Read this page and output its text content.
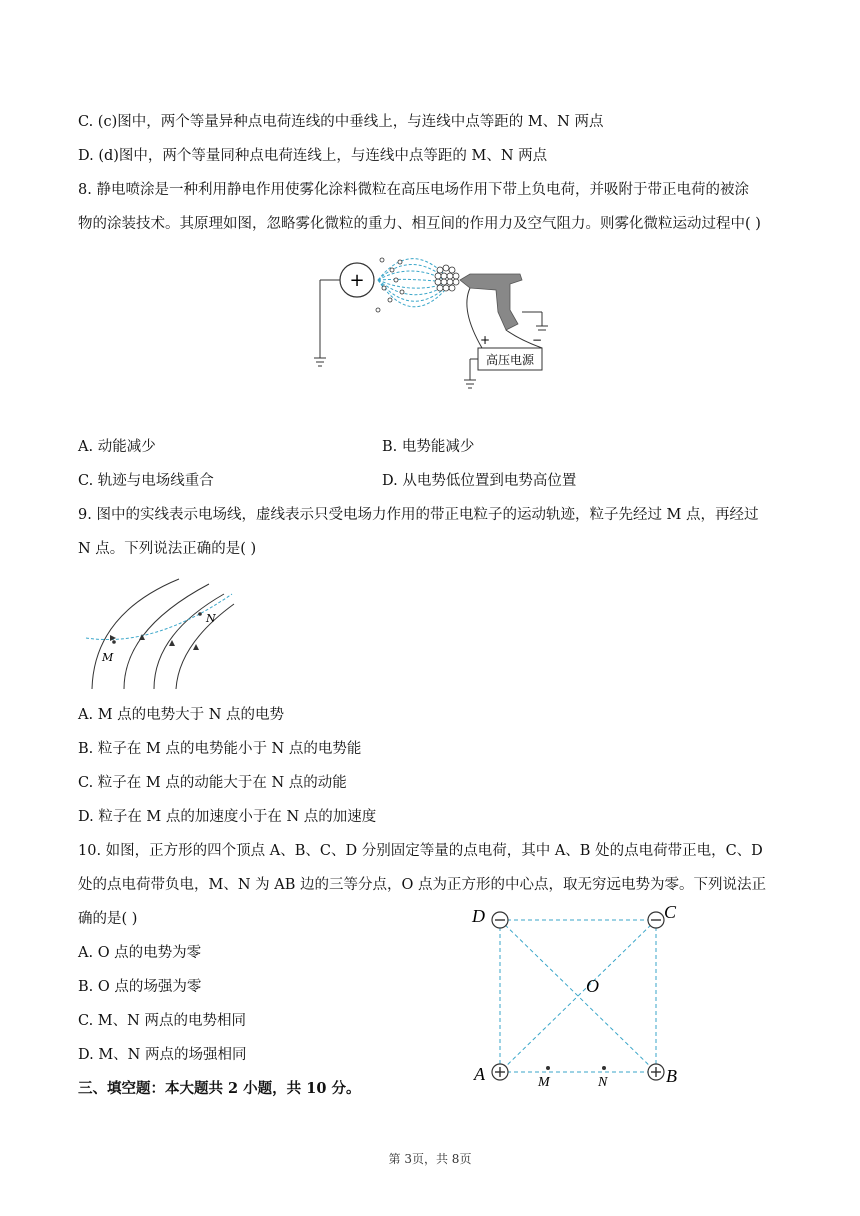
C. (c)图中，两个等量异种点电荷连线的中垂线上，与连线中点等距的 M、N 两点
D. (d)图中，两个等量同种点电荷连线上，与连线中点等距的 M、N 两点
8. 静电喷涂是一种利用静电作用使雾化涂料微粒在高压电场作用下带上负电荷，并吸附于带正电荷的被涂
物的涂装技术。其原理如图，忽略雾化微粒的重力、相互间的作用力及空气阻力。则雾化微粒运动过程中( )
+
高压电源
+	−
A. 动能减少	B. 电势能减少
C. 轨迹与电场线重合	D. 从电势低位置到电势高位置
9. 图中的实线表示电场线，虚线表示只受电场力作用的带正电粒子的运动轨迹，粒子先经过 M 点，再经过
N 点。下列说法正确的是( )
M
N
A. M 点的电势大于 N 点的电势
B. 粒子在 M 点的电势能小于 N 点的电势能
C. 粒子在 M 点的动能大于在 N 点的动能
D. 粒子在 M 点的加速度小于在 N 点的加速度
10. 如图，正方形的四个顶点 A、B、C、D 分别固定等量的点电荷，其中 A、B 处的点电荷带正电，C、D
处的点电荷带负电，M、N 为 AB 边的三等分点，O 点为正方形的中心点，取无穷远电势为零。下列说法正
确的是( )	D	C
A	B
O
M	N
A. O 点的电势为零
B. O 点的场强为零
C. M、N 两点的电势相同
D. M、N 两点的场强相同
三、填空题：本大题共 2 小题，共 10 分。
第 3页，共 8页
